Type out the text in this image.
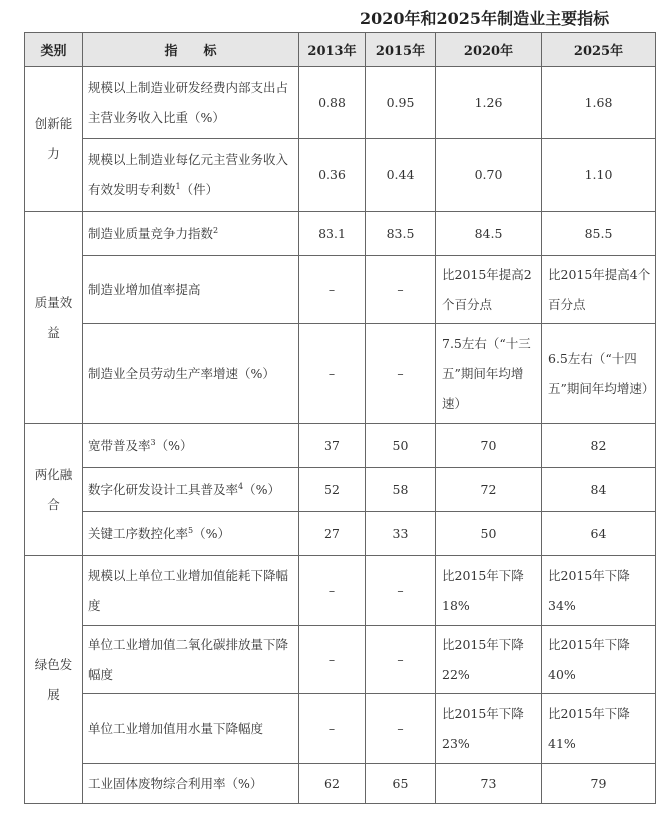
2020年和2025年制造业主要指标
类别	指　　标	2013年	2015年	2020年	2025年
创新能力	规模以上制造业研发经费内部支出占主营业务收入比重（%）	0.88	0.95	1.26	1.68
	规模以上制造业每亿元主营业务收入有效发明专利数$^1$（件）	0.36	0.44	0.70	1.10
质量效益	制造业质量竞争力指数$^2$	83.1	83.5	84.5	85.5
	制造业增加值率提高	–	–	比2015年提高2个百分点	比2015年提高4个百分点
	制造业全员劳动生产率增速（%）	–	–	7.5左右（“十三五”期间年均增速）	6.5左右（“十四五”期间年均增速）
两化融合	宽带普及率$^3$（%）	37	50	70	82
	数字化研发设计工具普及率$^4$（%）	52	58	72	84
	关键工序数控化率$^5$（%）	27	33	50	64
绿色发展	规模以上单位工业增加值能耗下降幅度	–	–	比2015年下降18%	比2015年下降34%
	单位工业增加值二氧化碳排放量下降幅度	–	–	比2015年下降22%	比2015年下降40%
	单位工业增加值用水量下降幅度	–	–	比2015年下降23%	比2015年下降41%
	工业固体废物综合利用率（%）	62	65	73	79
